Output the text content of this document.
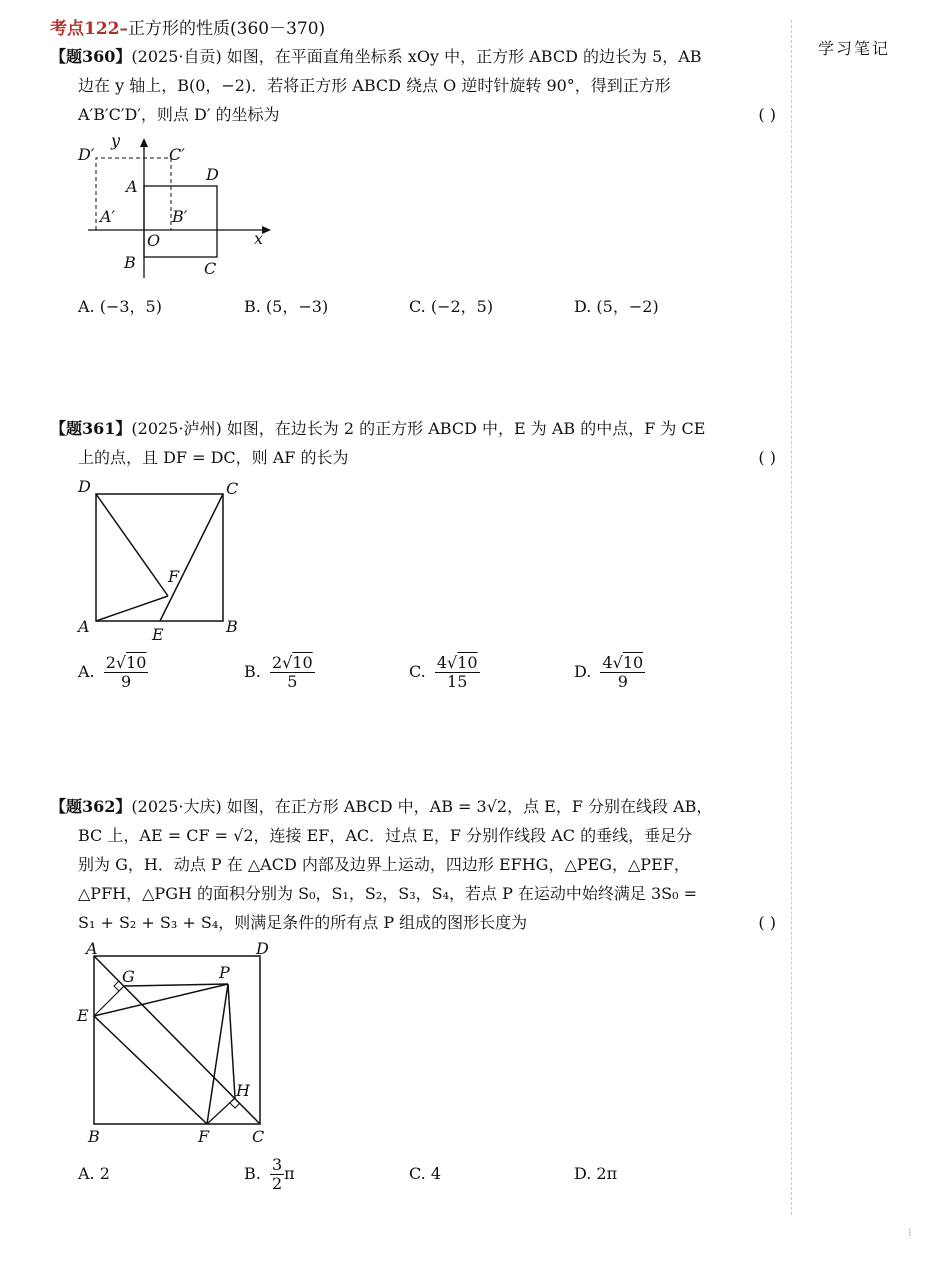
考点122–正方形的性质(360－370)
学习笔记

【题360】(2025·自贡) 如图，在平面直角坐标系 xOy 中，正方形 ABCD 的边长为 5，AB

边在 y 轴上，B(0，−2)．若将正方形 ABCD 绕点 O 逆时针旋转 90°，得到正方形

A′B′C′D′，则点 D′ 的坐标为	( )

y
x
O
A
B	C
D
A′	B′
C′
D′
A. (−3，5)	B. (5，−3)	C. (−2，5)	D. (5，−2)

【题361】(2025·泸州) 如图，在边长为 2 的正方形 ABCD 中，E 为 AB 的中点，F 为 CE

上的点，且 DF = DC，则 AF 的长为	( )

D	C
A	B
E
F
A. $\frac{2√10}{9}$	B. $\frac{2√10}{5}$	C. $\frac{4√10}{15}$	D. $\frac{4√10}{9}$

【题362】(2025·大庆) 如图，在正方形 ABCD 中，AB = 3√2，点 E，F 分别在线段 AB，

BC 上，AE = CF = √2，连接 EF，AC．过点 E，F 分别作线段 AC 的垂线，垂足分

别为 G，H．动点 P 在 △ACD 内部及边界上运动，四边形 EFHG，△PEG，△PEF，

△PFH，△PGH 的面积分别为 S₀，S₁，S₂，S₃，S₄，若点 P 在运动中始终满足 3S₀ =

S₁ + S₂ + S₃ + S₄，则满足条件的所有点 P 组成的图形长度为	( )

A	D
B	C
E
F
G
H
P
A. 2	B. $\frac{3}{2}$ π	C. 4	D. 2π
⁝
